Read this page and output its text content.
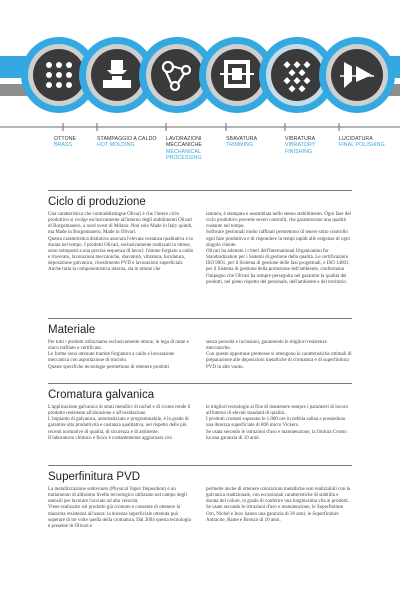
OTTONE
BRASS
STAMPAGGIO A CALDO
HOT MOLDING
LAVORAZIONI MECCANICHE
MECHANICAL PROCESSING
SBAVATURA
TRIMMING
VIBRATURA
VIBRATORY FINISHING
LUCIDATURA
FINAL POLISHING
Ciclo di produzione

Una caratteristica che contraddistingue Olivari è che l'intero ciclo produttivo si svolge esclusivamente all'interno degli stabilimenti Olivari di Borgomanero, a nord ovest di Milano. Non solo Made in Italy quindi, ma Made in Borgomanero, Made in Olivari.

Questa caratteristica distintiva assicura l'elevata costanza qualitativa e la durata nel tempo. I prodotti Olivari, esclusivamente realizzati in ottone, sono sottoposti a una precisa sequenza di lavori: l'ottone forgiato a caldo e traverato, lavorazioni meccaniche, sbavatura, vibratura, lucidatura, deposizione galvanica, rivestimento PVD e lavorazioni superficiali.

Anche tutta la componentistica interna, sia in ottone che

lamiera, è stampata e assemblata nello stesso stabilimento. Ogni fase del ciclo produttivo prevede severi controlli, che garantiscono una qualità costante nel tempo.

Software gestionali molto raffinati permettono di tenere sotto controllo ogni fase produttiva e di rispondere in tempi rapidi alle esigenze di ogni singolo cliente.

Olivari ha adottato i criteri dell'International Organization for Standardization per i Sistemi di gestione della qualità. Le certificazioni ISO 9001, per il Sistema di gestione delle fasi progettuali, e ISO 14001, per il Sistema di gestione della protezione dell'ambiente, confermano l'impegno che Olivari ha sempre perseguito nel garantire la qualità dei prodotti, nel pieno rispetto del personale, dell'ambiente e del territorio.

Materiale

Per tutti i prodotti utilizziamo esclusivamente ottone, in lega di rame e zinco trafilato e certificata.

Le forme sono ottenute tramite forgiatura a caldo e lavorazione meccanica con asportazione di truciolo.

Queste specifiche tecnologie permettono di ottenere prodotti

senza porosità e inclusioni, garantendo le migliori resistenze meccaniche.

Con queste opportune premesse si ottengono le caratteristiche ottimali di preparazione alle deposizioni metalliche di cromatura e di superfinitura PVD in alto vuoto.

Cromatura galvanica

L'applicazione galvanica di strati metallici di nichel e di cromo rende il prodotto resistente all'abrasione e all'ossidazione.

L'impianto di galvanica, automatizzato e programmabile, è in grado di garantire alta produttività e costanza qualitativa, nel rispetto delle più recenti normative di qualità, di sicurezza e di ambiente.

Il laboratorio chimico e fisico è costantemente aggiornato con

le migliori tecnologie al fine di mantenere sempre i parametri di lavoro all'interno di elevati standard di qualità.

I prodotti cromati superano le 1.000 ore in nebbia salina e possiedono una durezza superficiale di 800 micro Vickers.

Se usata secondo le istruzioni d'uso e manutenzione, la finitura Cromo ha una garanzia di 10 anni.

Superfinitura PVD

La metallizzazione sottovuoto (Physical Vapor Deposition) è un trattamento di altissimo livello tecnologico utilizzato nel campo degli utensili per lavorare l'acciaio ad alta velocità.

Viene realizzato sul prodotto già cromato e consente di ottenere la massima resistenza all'usura: la durezza superficiale ottenuta può superare di tre volte quella della cromatura. Dal 2004 questa tecnologia è presente in Olivari e

permette anche di ottenere colorazioni metalliche non realizzabili con la galvanica tradizionale, con eccezionali caratteristiche di stabilità e durata del colore, in grado di conferire una lunghissima vita ai prodotti.

Se usate secondo le istruzioni d'uso e manutenzione, le Superfiniture Oro, Nichel e Inox hanno una garanzia di 30 anni; le Superfiniture Antracite, Rame e Bronzo di 10 anni.
